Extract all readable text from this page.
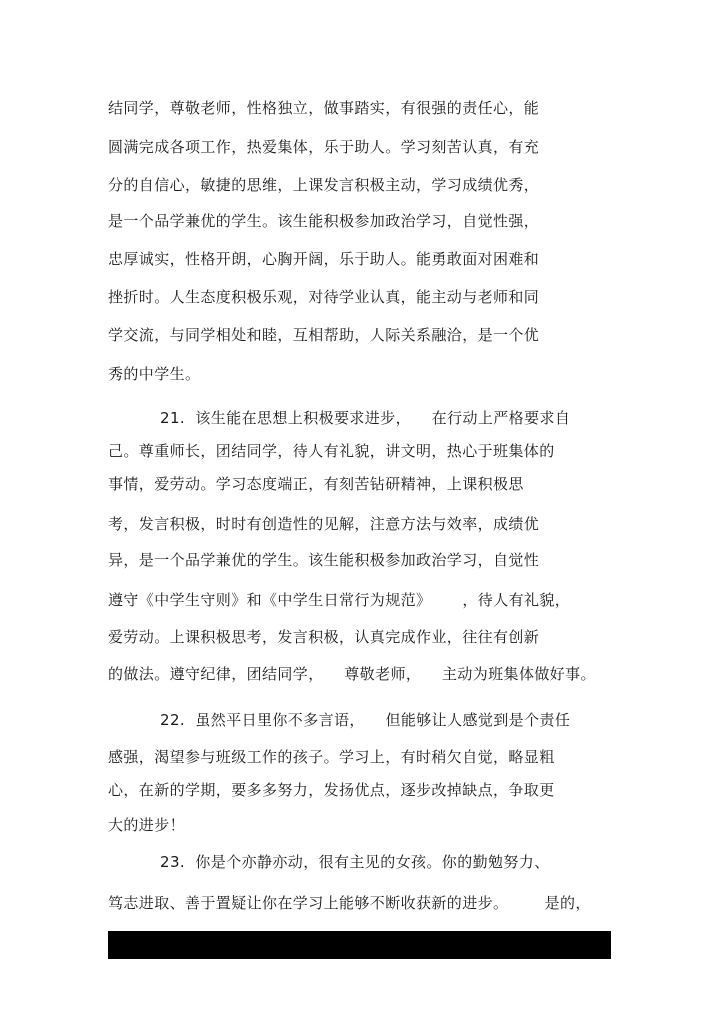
结同学，尊敬老师，性格独立，做事踏实，有很强的责任心，能
圆满完成各项工作，热爱集体，乐于助人。学习刻苦认真，有充
分的自信心，敏捷的思维，上课发言积极主动，学习成绩优秀，
是一个品学兼优的学生。该生能积极参加政治学习，自觉性强，
忠厚诚实，性格开朗，心胸开阔，乐于助人。能勇敢面对困难和
挫折时。人生态度积极乐观，对待学业认真，能主动与老师和同
学交流，与同学相处和睦，互相帮助，人际关系融洽，是一个优
秀的中学生。
21.  该生能在思想上积极要求进步，    在行动上严格要求自
己。尊重师长，团结同学，待人有礼貌，讲文明，热心于班集体的
事情，爱劳动。学习态度端正，有刻苦钻研精神，上课积极思
考，发言积极，时时有创造性的见解，注意方法与效率，成绩优
异，是一个品学兼优的学生。该生能积极参加政治学习，自觉性
遵守《中学生守则》和《中学生日常行为规范》      ，待人有礼貌，
爱劳动。上课积极思考，发言积极，认真完成作业，往往有创新
的做法。遵守纪律，团结同学，    尊敬老师，    主动为班集体做好事。
22.  虽然平日里你不多言语，    但能够让人感觉到是个责任
感强，渴望参与班级工作的孩子。学习上，有时稍欠自觉，略显粗
心，在新的学期，要多多努力，发扬优点，逐步改掉缺点，争取更
大的进步！
23.  你是个亦静亦动，很有主见的女孩。你的勤勉努力、
笃志进取、善于置疑让你在学习上能够不断收获新的进步。       是的，
